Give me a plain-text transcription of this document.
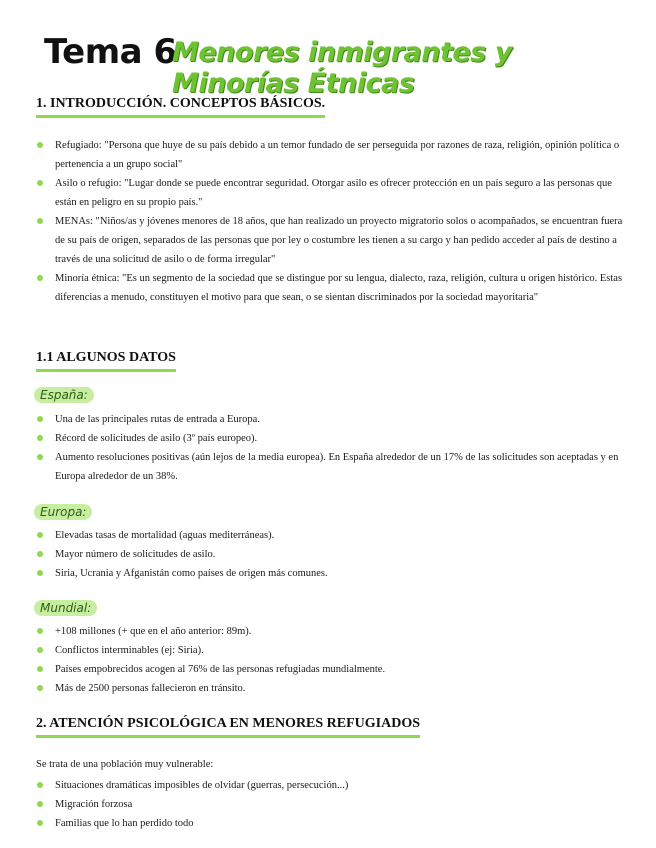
Tema 6
Menores inmigrantes y Minorías Étnicas
1. INTRODUCCIÓN. CONCEPTOS BÁSICOS.
Refugiado: "Persona que huye de su país debido a un temor fundado de ser perseguida por razones de raza, religión, opinión política o pertenencia a un grupo social"
Asilo o refugio: "Lugar donde se puede encontrar seguridad. Otorgar asilo es ofrecer protección en un país seguro a las personas que están en peligro en su propio país."
MENAs: "Niños/as y jóvenes menores de 18 años, que han realizado un proyecto migratorio solos o acompañados, se encuentran fuera de su país de origen, separados de las personas que por ley o costumbre les tienen a su cargo y han pedido acceder al país de destino a través de una solicitud de asilo o de forma irregular"
Minoría étnica: "Es un segmento de la sociedad que se distingue por su lengua, dialecto, raza, religión, cultura u origen histórico. Estas diferencias a menudo, constituyen el motivo para que sean, o se sientan discriminados por la sociedad mayoritaria"
1.1 ALGUNOS DATOS
España:
Una de las principales rutas de entrada a Europa.
Récord de solicitudes de asilo (3º país europeo).
Aumento resoluciones positivas (aún lejos de la media europea). En España alrededor de un 17% de las solicitudes son aceptadas y en Europa alrededor de un 38%.
Europa:
Elevadas tasas de mortalidad (aguas mediterráneas).
Mayor número de solicitudes de asilo.
Siria, Ucrania y Afganistán como países de origen más comunes.
Mundial:
+108 millones (+ que en el año anterior: 89m).
Conflictos interminables (ej: Siria).
Países empobrecidos acogen al 76% de las personas refugiadas mundialmente.
Más de 2500 personas fallecieron en tránsito.
2. ATENCIÓN PSICOLÓGICA EN MENORES REFUGIADOS
Se trata de una población muy vulnerable:
Situaciones dramáticas imposibles de olvidar (guerras, persecución...)
Migración forzosa
Familias que lo han perdido todo
